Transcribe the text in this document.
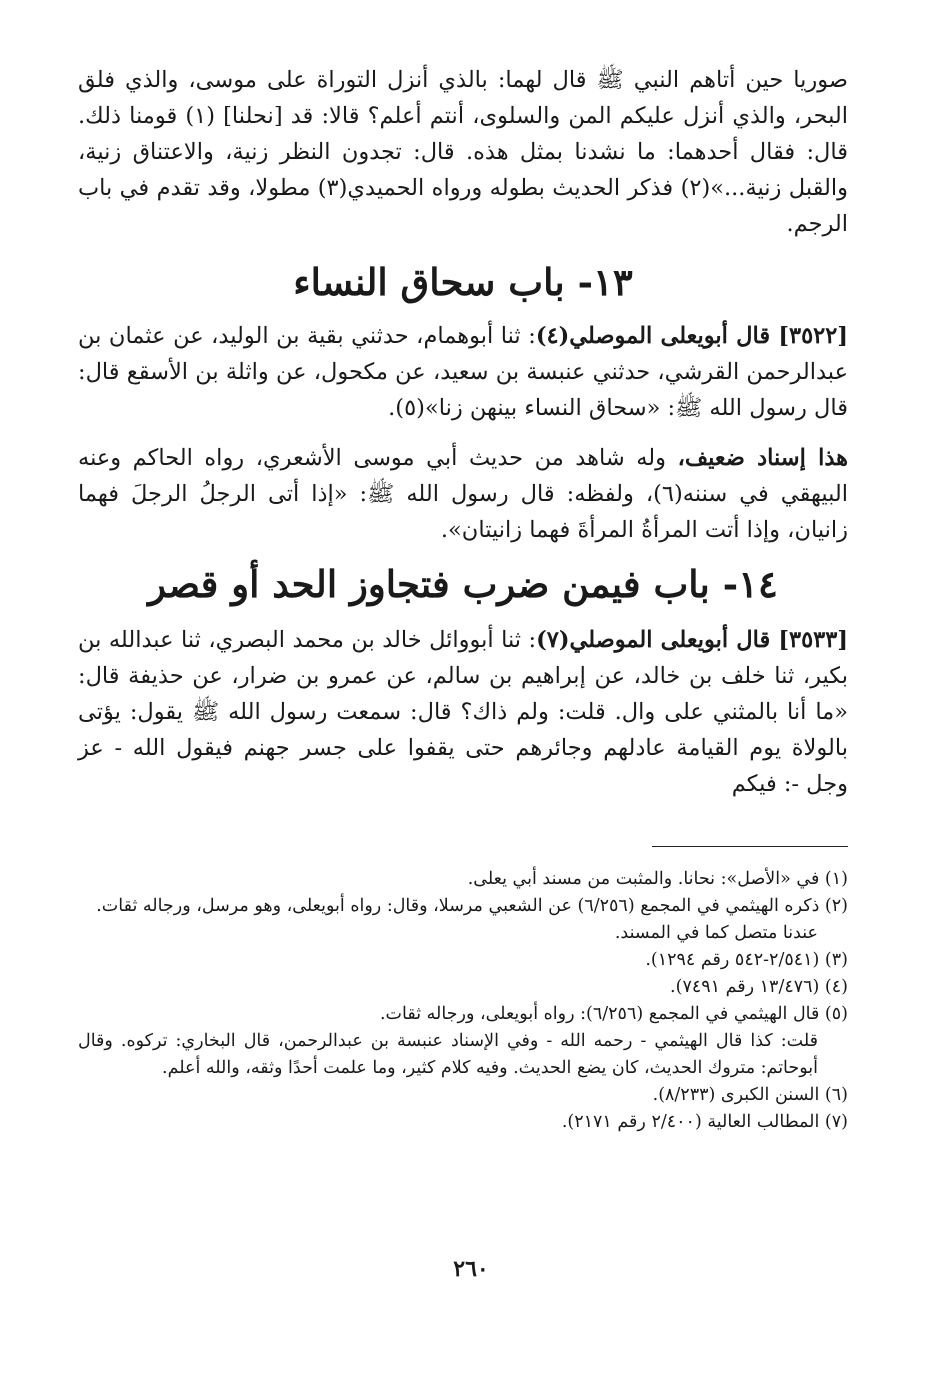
صوريا حين أتاهم النبي ﷺ قال لهما: بالذي أنزل التوراة على موسى، والذي فلق البحر، والذي أنزل عليكم المن والسلوى، أنتم أعلم؟ قالا: قد [نحلنا] (١) قومنا ذلك. قال: فقال أحدهما: ما نشدنا بمثل هذه. قال: تجدون النظر زنية، والاعتناق زنية، والقبل زنية...»(٢) فذكر الحديث بطوله ورواه الحميدي(٣) مطولا، وقد تقدم في باب الرجم.

١٣- باب سحاق النساء

[٣٥٢٢] قال أبويعلى الموصلي(٤): ثنا أبوهمام، حدثني بقية بن الوليد، عن عثمان بن عبدالرحمن القرشي، حدثني عنبسة بن سعيد، عن مكحول، عن واثلة بن الأسقع قال: قال رسول الله ﷺ: «سحاق النساء بينهن زنا»(٥).

هذا إسناد ضعيف، وله شاهد من حديث أبي موسى الأشعري، رواه الحاكم وعنه البيهقي في سننه(٦)، ولفظه: قال رسول الله ﷺ: «إذا أتى الرجلُ الرجلَ فهما زانيان، وإذا أتت المرأةُ المرأةَ فهما زانيتان».

١٤- باب فيمن ضرب فتجاوز الحد أو قصر

[٣٥٣٣] قال أبويعلى الموصلي(٧): ثنا أبووائل خالد بن محمد البصري، ثنا عبدالله بن بكير، ثنا خلف بن خالد، عن إبراهيم بن سالم، عن عمرو بن ضرار، عن حذيفة قال: «ما أنا بالمثني على وال. قلت: ولم ذاك؟ قال: سمعت رسول الله ﷺ يقول: يؤتى بالولاة يوم القيامة عادلهم وجائرهم حتى يقفوا على جسر جهنم فيقول الله - عز وجل -: فيكم

(١) في «الأصل»: نحانا. والمثبت من مسند أبي يعلى.

(٢) ذكره الهيثمي في المجمع (٦/٢٥٦) عن الشعبي مرسلا، وقال: رواه أبويعلى، وهو مرسل، ورجاله ثقات.

عندنا متصل كما في المسند.

(٣) (٢/٥٤١-٥٤٢ رقم ١٢٩٤).

(٤) (١٣/٤٧٦ رقم ٧٤٩١).

(٥) قال الهيثمي في المجمع (٦/٢٥٦): رواه أبويعلى، ورجاله ثقات.

قلت: كذا قال الهيثمي - رحمه الله - وفي الإسناد عنبسة بن عبدالرحمن، قال البخاري: تركوه. وقال أبوحاتم: متروك الحديث، كان يضع الحديث. وفيه كلام كثير، وما علمت أحدًا وثقه، والله أعلم.

(٦) السنن الكبرى (٨/٢٣٣).

(٧) المطالب العالية (٢/٤٠٠ رقم ٢١٧١).

٢٦٠
